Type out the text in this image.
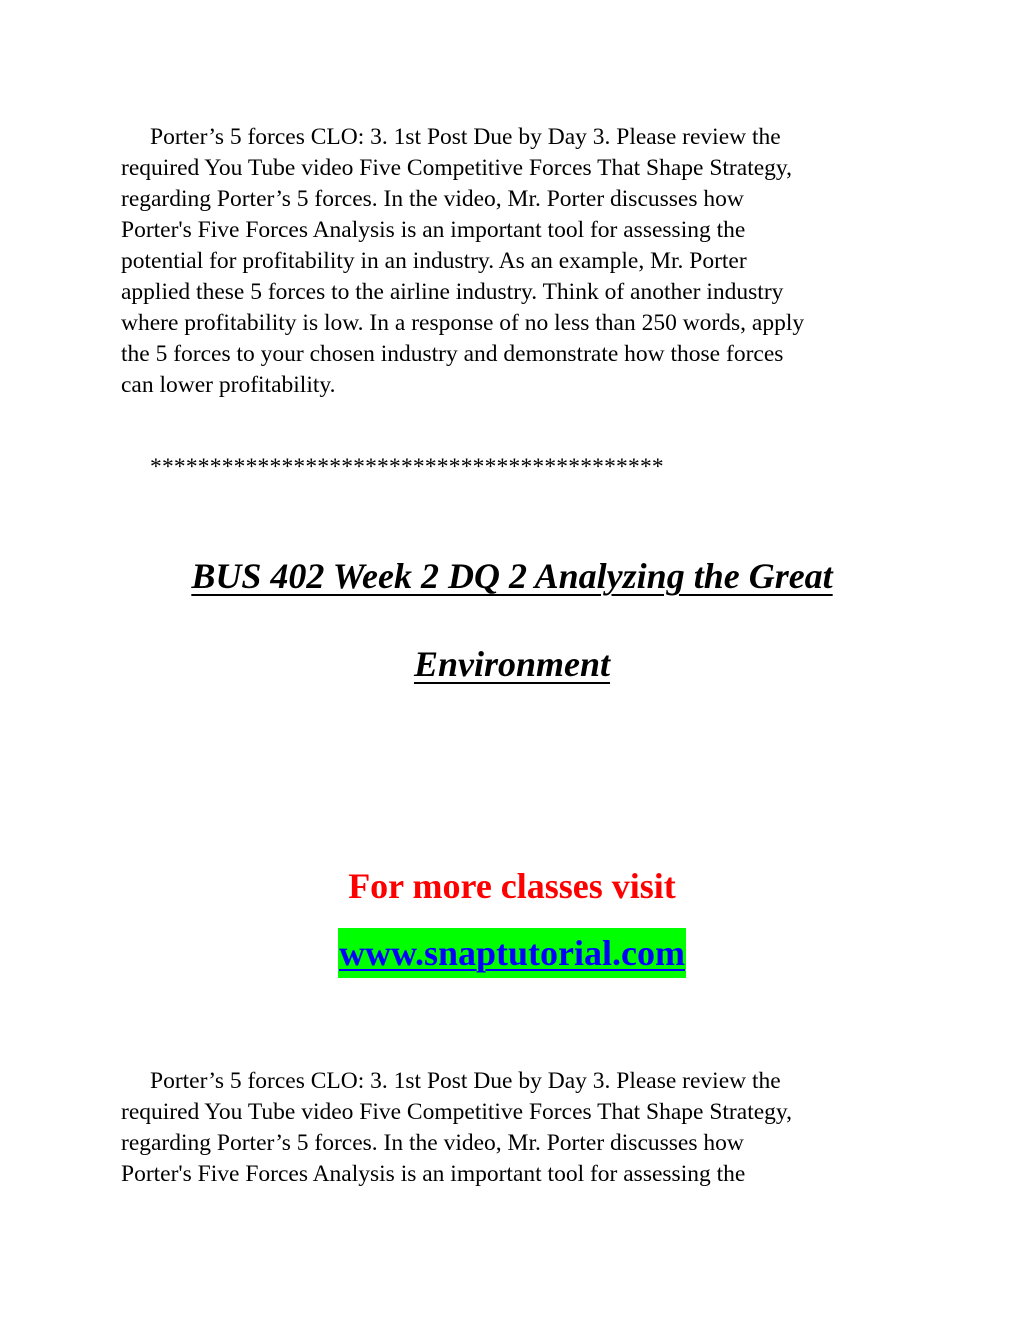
Porter’s 5 forces CLO: 3. 1st Post Due by Day 3. Please review the
required You Tube video Five Competitive Forces That Shape Strategy,
regarding Porter’s 5 forces. In the video, Mr. Porter discusses how
Porter's Five Forces Analysis is an important tool for assessing the
potential for profitability in an industry. As an example, Mr. Porter
applied these 5 forces to the airline industry. Think of another industry
where profitability is low. In a response of no less than 250 words, apply
the 5 forces to your chosen industry and demonstrate how those forces
can lower profitability.

*******************************************

BUS 402 Week 2 DQ 2 Analyzing the Great
Environment

For more classes visit

www.snaptutorial.com

Porter’s 5 forces CLO: 3. 1st Post Due by Day 3. Please review the
required You Tube video Five Competitive Forces That Shape Strategy,
regarding Porter’s 5 forces. In the video, Mr. Porter discusses how
Porter's Five Forces Analysis is an important tool for assessing the
